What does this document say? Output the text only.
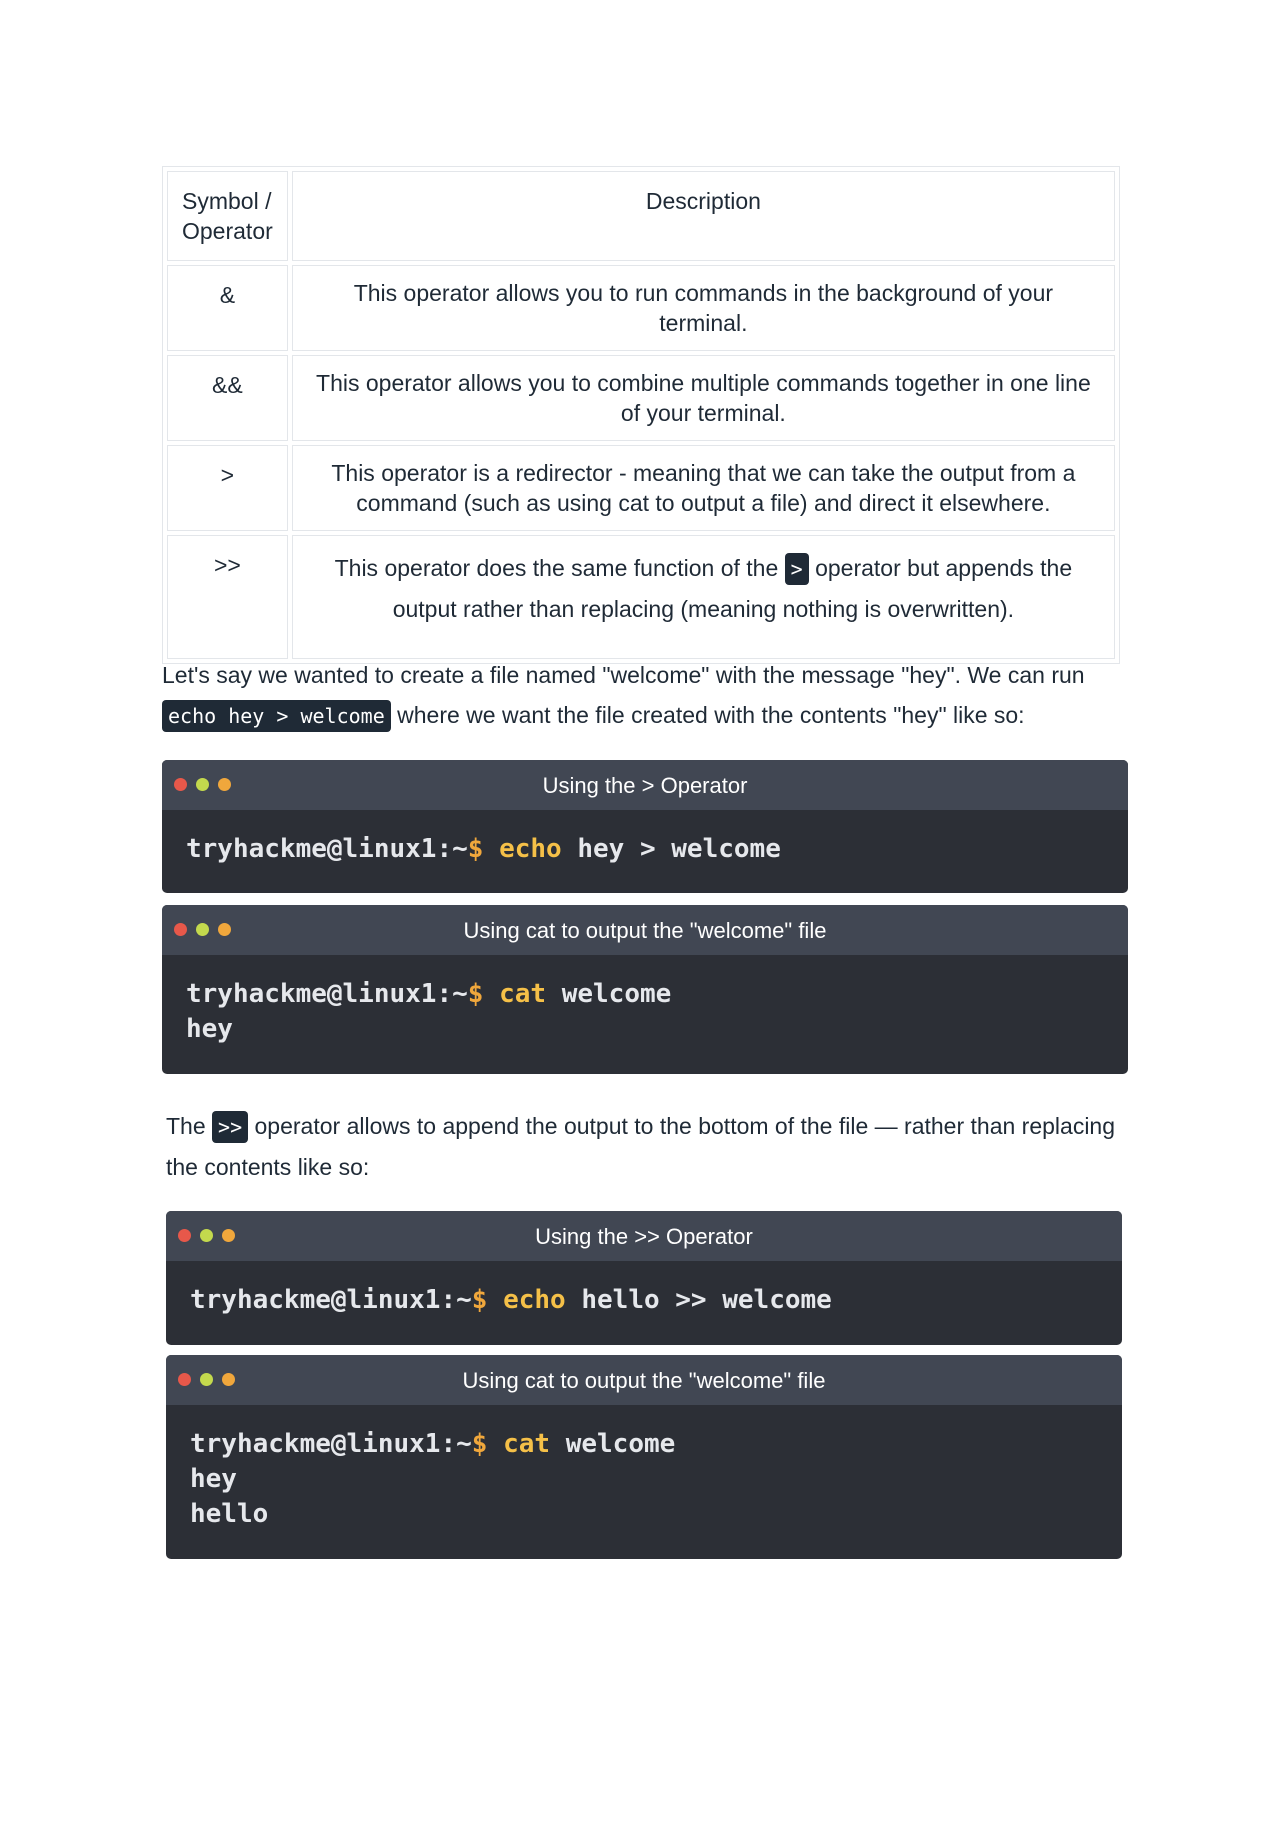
Symbol / Operator	Description
&	This operator allows you to run commands in the background of your terminal.
&&	This operator allows you to combine multiple commands together in one line of your terminal.
>	This operator is a redirector - meaning that we can take the output from a command (such as using cat to output a file) and direct it elsewhere.
>>	This operator does the same function of the > operator but appends the output rather than replacing (meaning nothing is overwritten).
Let's say we wanted to create a file named "welcome" with the message "hey". We can run echo hey > welcome where we want the file created with the contents "hey" like so:
Using the > Operator
tryhackme@linux1:~$ echo hey > welcome
Using cat to output the "welcome" file
tryhackme@linux1:~$ cat welcome
hey
The >> operator allows to append the output to the bottom of the file — rather than replacing the contents like so:
Using the >> Operator
tryhackme@linux1:~$ echo hello >> welcome
Using cat to output the "welcome" file
tryhackme@linux1:~$ cat welcome
hey
hello
